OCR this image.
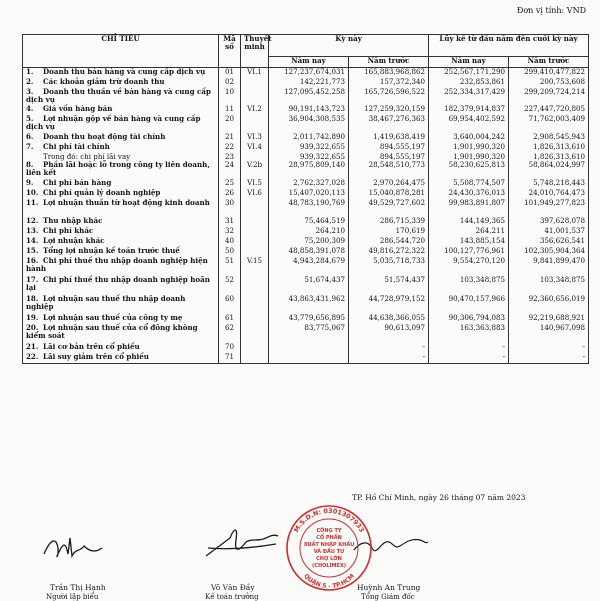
Đơn vị tính: VND
CHỈ TIÊU	Mã số	Thuyết minh	Kỳ này		Lũy kế từ đầu năm đến cuối kỳ này	
			Năm nay	Năm trước	Năm nay	Năm trước
1. Doanh thu bán hàng và cung cấp dịch vụ	01	VI.1	127,237,674,031	165,883,968,862	252,567,171,290	299,410,477,822
2. Các khoản giảm trừ doanh thu	02		142,221,773	157,372,340	232,853,861	200,753,608
3. Doanh thu thuần về bán hàng và cung cấp dịch vụ	10		127,095,452,258	165,726,596,522	252,334,317,429	299,209,724,214
4. Giá vốn hàng bán	11	VI.2	90,191,143,723	127,259,320,159	182,379,914,837	227,447,720,805
5. Lợi nhuận gộp về bán hàng và cung cấp dịch vụ	20		36,904,308,535	38,467,276,363	69,954,402,592	71,762,003,409
6. Doanh thu hoạt động tài chính	21	VI.3	2,011,742,890	1,419,638,419	3,640,004,242	2,908,545,943
7. Chi phí tài chính	22	VI.4	939,322,655	894,555,197	1,901,990,320	1,826,313,610
Trong đó: chi phí lãi vay	23		939,322,655	894,555,197	1,901,990,320	1,826,313,610
8. Phần lãi hoặc lỗ trong công ty liên doanh, liên kết	24	V.2b	28,975,809,140	28,548,510,773	58,230,625,813	58,864,024,997
9. Chi phí bán hàng	25	VI.5	2,762,327,028	2,970,264,475	5,508,774,507	5,748,218,443
10. Chi phí quản lý doanh nghiệp	26	VI.6	15,407,020,113	15,040,878,281	24,430,376,013	24,010,764,473
11. Lợi nhuận thuần từ hoạt động kinh doanh	30		48,783,190,769	49,529,727,602	99,983,891,807	101,949,277,823
12. Thu nhập khác	31		75,464,519	286,715,339	144,149,365	397,628,078
13. Chi phí khác	32		264,210	170,619	264,211	41,001,537
14. Lợi nhuận khác	40		75,200,309	286,544,720	143,885,154	356,626,541
15. Tổng lợi nhuận kế toán trước thuế	50		48,858,391,078	49,816,272,322	100,127,776,961	102,305,904,364
16. Chi phí thuế thu nhập doanh nghiệp hiện hành	51	V.15	4,943,284,679	5,035,718,733	9,554,270,120	9,841,899,470
17. Chi phí thuế thu nhập doanh nghiệp hoãn lại	52		51,674,437	51,574,437	103,348,875	103,348,875
18. Lợi nhuận sau thuế thu nhập doanh nghiệp	60		43,863,431,962	44,728,979,152	90,470,157,966	92,360,656,019
19. Lợi nhuận sau thuế của công ty mẹ	61		43,779,656,895	44,638,366,055	90,306,794,083	92,219,688,921
20. Lợi nhuận sau thuế của cổ đông không kiểm soát	62		83,775,067	90,613,097	163,363,883	140,967,098
21. Lãi cơ bản trên cổ phiếu	70			-	-	-
22. Lãi suy giảm trên cổ phiếu	71			-	-	-
TP. Hồ Chí Minh, ngày 26 tháng 07 năm 2023
M.S.D.N: 0301307933
QUẬN 5 - TP.HCM
CÔNG TY
CỔ PHẦN
XUẤT NHẬP KHẨU
VÀ ĐẦU TƯ
CHỢ LỚN
(CHOLIMEX)
Trần Thị Hạnh
Người lập biểu
Võ Văn Đầy
Kế toán trưởng
Huỳnh An Trung
Tổng Giám đốc
